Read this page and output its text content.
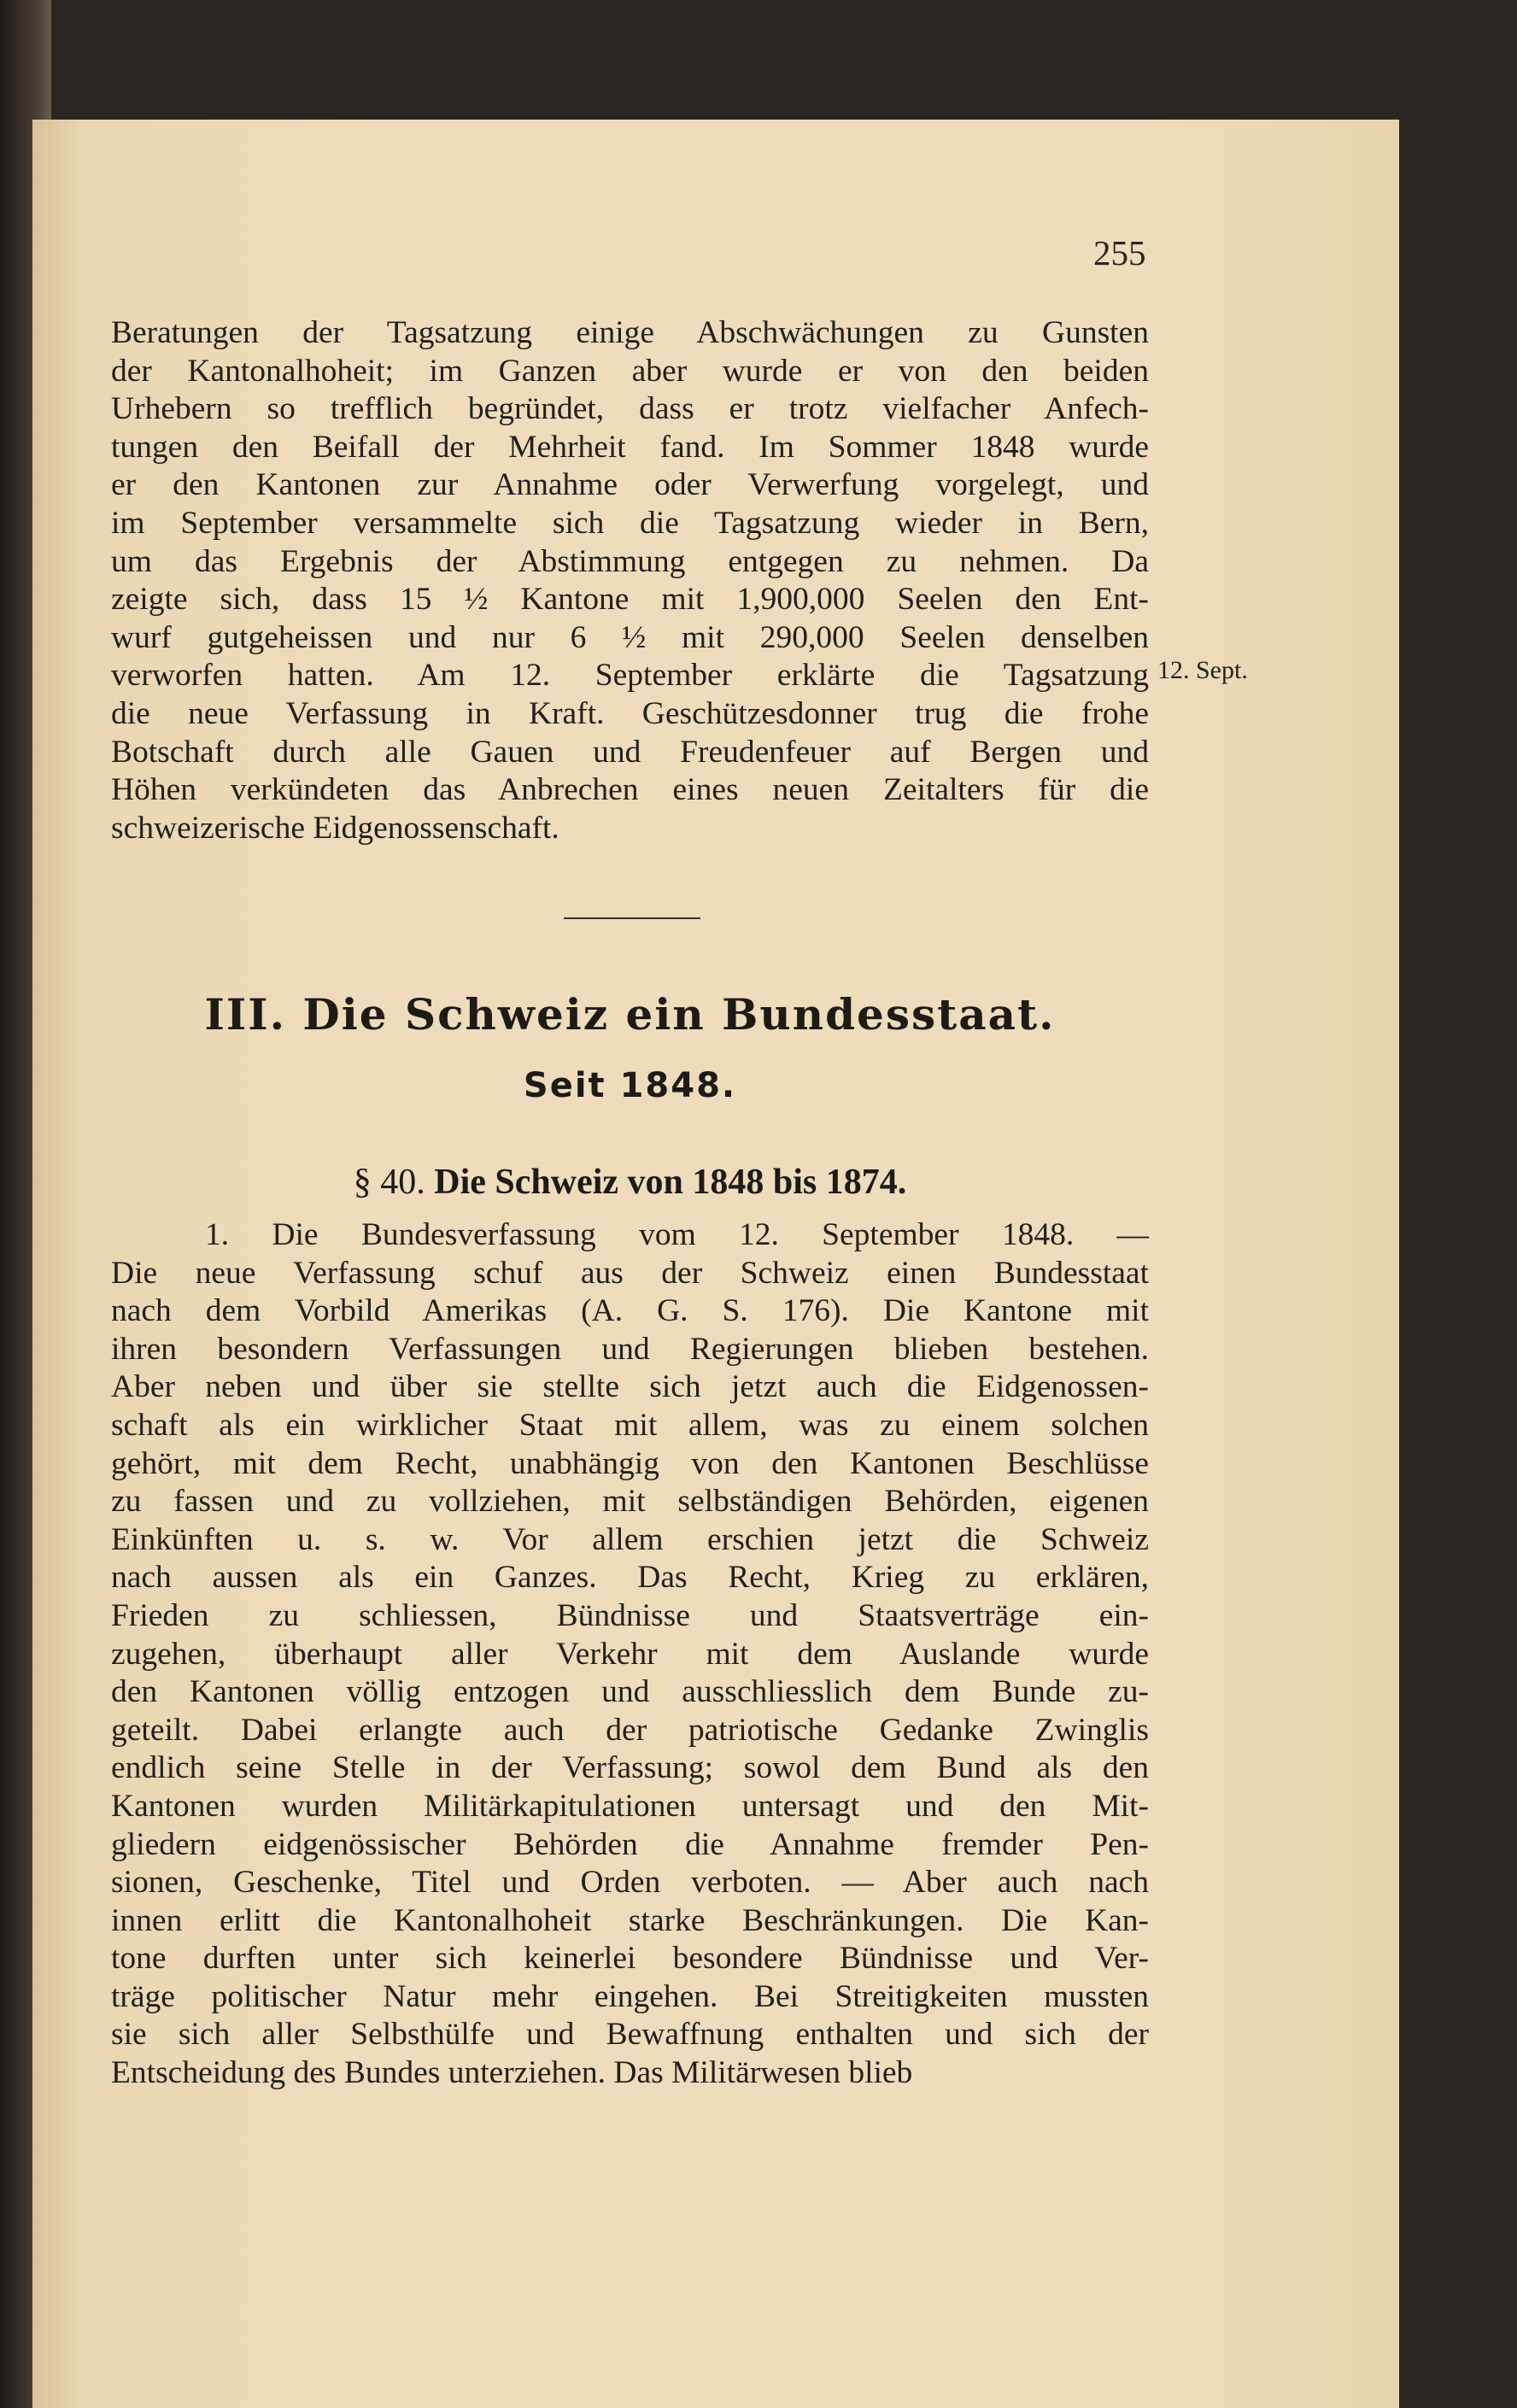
255
Beratungen der Tagsatzung einige Abschwächungen zu Gunsten
der Kantonalhoheit; im Ganzen aber wurde er von den beiden
Urhebern so trefflich begründet, dass er trotz vielfacher Anfech-
tungen den Beifall der Mehrheit fand. Im Sommer 1848 wurde
er den Kantonen zur Annahme oder Verwerfung vorgelegt, und
im September versammelte sich die Tagsatzung wieder in Bern,
um das Ergebnis der Abstimmung entgegen zu nehmen. Da
zeigte sich, dass 15 ½ Kantone mit 1,900,000 Seelen den Ent-
wurf gutgeheissen und nur 6 ½ mit 290,000 Seelen denselben
verworfen hatten. Am 12. September erklärte die Tagsatzung
die neue Verfassung in Kraft. Geschützesdonner trug die frohe
Botschaft durch alle Gauen und Freudenfeuer auf Bergen und
Höhen verkündeten das Anbrechen eines neuen Zeitalters für die
schweizerische Eidgenossenschaft.
12. Sept.
III. Die Schweiz ein Bundesstaat.
Seit 1848.
§ 40. Die Schweiz von 1848 bis 1874.
1. Die Bundesverfassung vom 12. September 1848. —
Die neue Verfassung schuf aus der Schweiz einen Bundesstaat
nach dem Vorbild Amerikas (A. G. S. 176). Die Kantone mit
ihren besondern Verfassungen und Regierungen blieben bestehen.
Aber neben und über sie stellte sich jetzt auch die Eidgenossen-
schaft als ein wirklicher Staat mit allem, was zu einem solchen
gehört, mit dem Recht, unabhängig von den Kantonen Beschlüsse
zu fassen und zu vollziehen, mit selbständigen Behörden, eigenen
Einkünften u. s. w. Vor allem erschien jetzt die Schweiz
nach aussen als ein Ganzes. Das Recht, Krieg zu erklären,
Frieden zu schliessen, Bündnisse und Staatsverträge ein-
zugehen, überhaupt aller Verkehr mit dem Auslande wurde
den Kantonen völlig entzogen und ausschliesslich dem Bunde zu-
geteilt. Dabei erlangte auch der patriotische Gedanke Zwinglis
endlich seine Stelle in der Verfassung; sowol dem Bund als den
Kantonen wurden Militärkapitulationen untersagt und den Mit-
gliedern eidgenössischer Behörden die Annahme fremder Pen-
sionen, Geschenke, Titel und Orden verboten. — Aber auch nach
innen erlitt die Kantonalhoheit starke Beschränkungen. Die Kan-
tone durften unter sich keinerlei besondere Bündnisse und Ver-
träge politischer Natur mehr eingehen. Bei Streitigkeiten mussten
sie sich aller Selbsthülfe und Bewaffnung enthalten und sich der
Entscheidung des Bundes unterziehen. Das Militärwesen blieb
